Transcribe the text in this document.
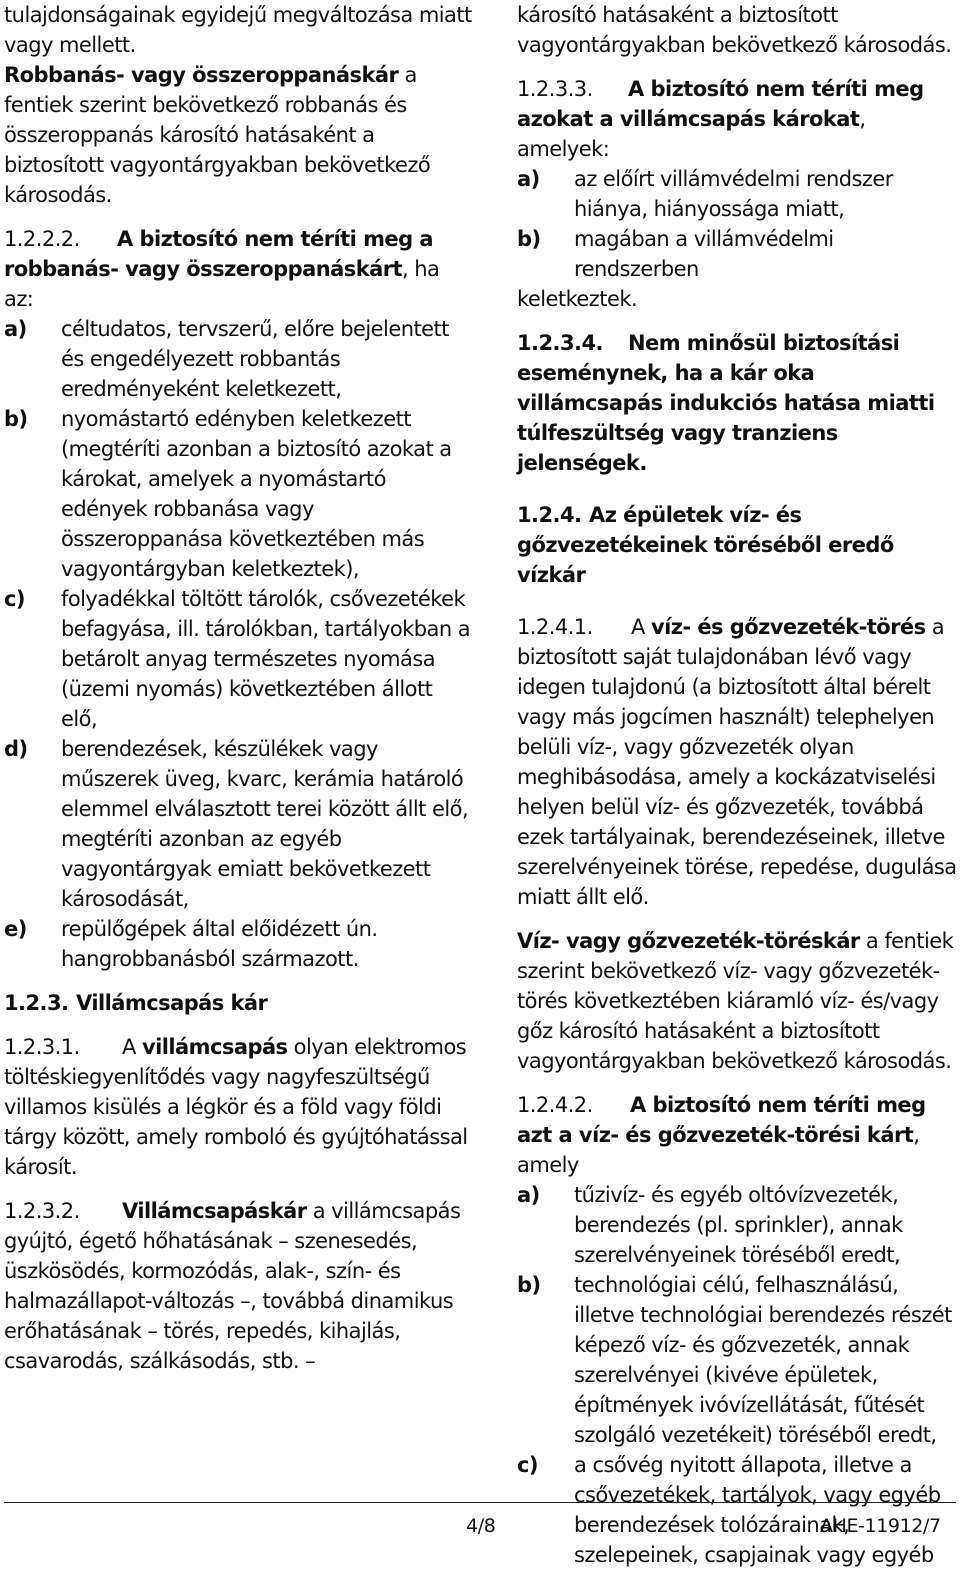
tulajdonságainak egyidejű megváltozása miatt vagy mellett.

Robbanás- vagy összeroppanáskár a fentiek szerint bekövetkező robbanás és összeroppanás károsító hatásaként a biztosított vagyontárgyakban bekövetkező károsodás.

1.2.2.2. A biztosító nem téríti meg a robbanás- vagy összeroppanáskárt, ha az:

a) céltudatos, tervszerű, előre bejelentett és engedélyezett robbantás eredményeként keletkezett,

b) nyomástartó edényben keletkezett (megtéríti azonban a biztosító azokat a károkat, amelyek a nyomástartó edények robbanása vagy összeroppanása következtében más vagyontárgyban keletkeztek),

c) folyadékkal töltött tárolók, csővezetékek befagyása, ill. tárolókban, tartályokban a betárolt anyag természetes nyomása (üzemi nyomás) következtében állott elő,

d) berendezések, készülékek vagy műszerek üveg, kvarc, kerámia határoló elemmel elválasztott terei között állt elő, megtéríti azonban az egyéb vagyontárgyak emiatt bekövetkezett károsodását,

e) repülőgépek által előidézett ún. hangrobbanásból származott.

1.2.3. Villámcsapás kár

1.2.3.1. A villámcsapás olyan elektromos töltéskiegyenlítődés vagy nagyfeszültségű villamos kisülés a légkör és a föld vagy földi tárgy között, amely romboló és gyújtóhatással károsít.

1.2.3.2. Villámcsapáskár a villámcsapás gyújtó, égető hőhatásának – szenesedés, üszkösödés, kormozódás, alak-, szín- és halmazállapot-változás –, továbbá dinamikus erőhatásának – törés, repedés, kihajlás, csavarodás, szálkásodás, stb. –

károsító hatásaként a biztosított vagyontárgyakban bekövetkező károsodás.

1.2.3.3. A biztosító nem téríti meg azokat a villámcsapás károkat, amelyek:

a) az előírt villámvédelmi rendszer hiánya, hiányossága miatt,

b) magában a villámvédelmi rendszerben

keletkeztek.

1.2.3.4. Nem minősül biztosítási eseménynek, ha a kár oka villámcsapás indukciós hatása miatti túlfeszültség vagy tranziens jelenségek.

1.2.4. Az épületek víz- és gőzvezetékeinek töréséből eredő vízkár

1.2.4.1. A víz- és gőzvezeték-törés a biztosított saját tulajdonában lévő vagy idegen tulajdonú (a biztosított által bérelt vagy más jogcímen használt) telephelyen belüli víz-, vagy gőzvezeték olyan meghibásodása, amely a kockázatviselési helyen belül víz- és gőzvezeték, továbbá ezek tartályainak, berendezéseinek, illetve szerelvényeinek törése, repedése, dugulása miatt állt elő.

Víz- vagy gőzvezeték-töréskár a fentiek szerint bekövetkező víz- vagy gőzvezeték-törés következtében kiáramló víz- és/vagy gőz károsító hatásaként a biztosított vagyontárgyakban bekövetkező károsodás.

1.2.4.2. A biztosító nem téríti meg azt a víz- és gőzvezeték-törési kárt, amely

a) tűzivíz- és egyéb oltóvízvezeték, berendezés (pl. sprinkler), annak szerelvényeinek töréséből eredt,

b) technológiai célú, felhasználású, illetve technológiai berendezés részét képező víz- és gőzvezeték, annak szerelvényei (kivéve épületek, építmények ivóvízellátását, fűtését szolgáló vezetékeit) töréséből eredt,

c) a csővég nyitott állapota, illetve a csővezetékek, tartályok, vagy egyéb berendezések tolózárainak, szelepeinek, csapjainak vagy egyéb

4/8	AHE-11912/7
